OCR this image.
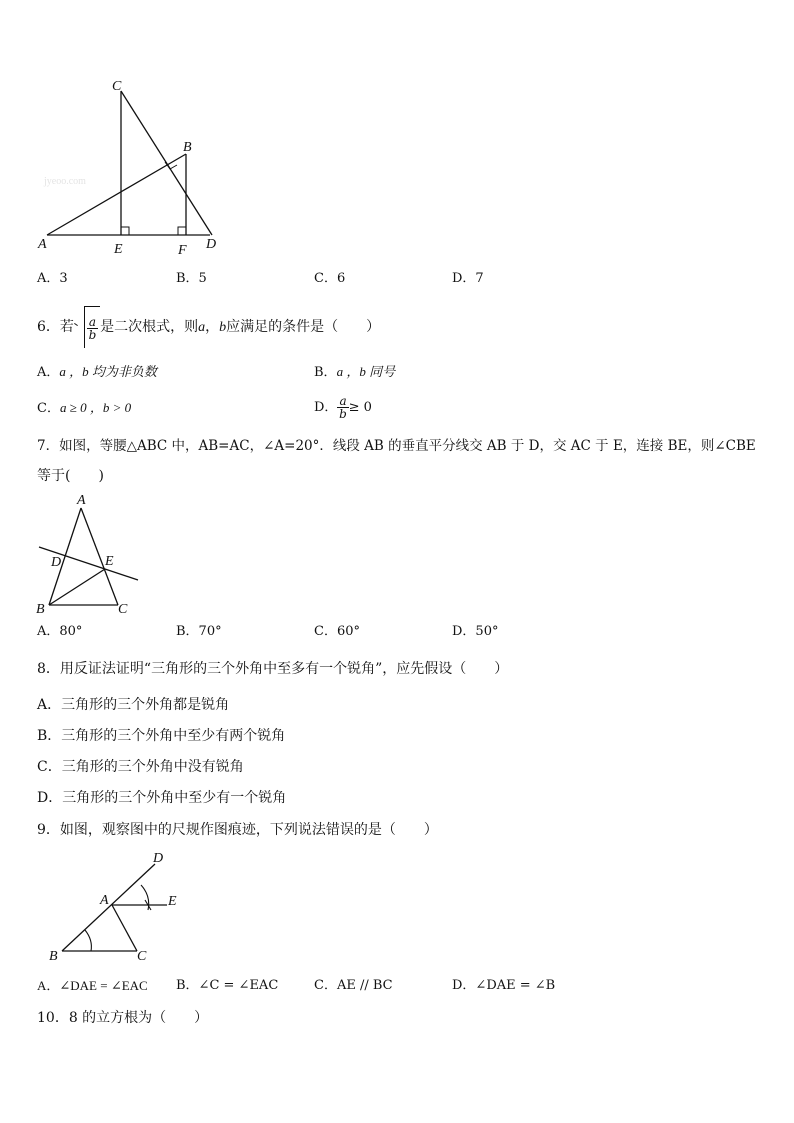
jyeoo.com
C
B
A	E	F D
A．3	B．5	C．6	D．7
6．若 $\frac{a}{b}$ 是二次根式，则a，b应满足的条件是（　　）
A．a ，b 均为非负数	B．a ，b 同号
C．a ≥ 0 ，b > 0	D． $\frac{a}{b} \ge 0$
7．如图，等腰△ABC 中，AB=AC，∠A=20°．线段 AB 的垂直平分线交 AB 于 D，交 AC 于 E，连接 BE，则∠CBE
等于(　　)
A
D	E
B	C
A．80°	B．70°	C．60°	D．50°
8．用反证法证明“三角形的三个外角中至多有一个锐角”，应先假设（　　）
A．三角形的三个外角都是锐角
B．三角形的三个外角中至少有两个锐角
C．三角形的三个外角中没有锐角
D．三角形的三个外角中至少有一个锐角
9．如图，观察图中的尺规作图痕迹，下列说法错误的是（　　）
D
A	E
B	C
A．∠DAE = ∠EAC B．∠C = ∠EAC	C．AE // BC	D．∠DAE = ∠B
10．8 的立方根为（　　）
